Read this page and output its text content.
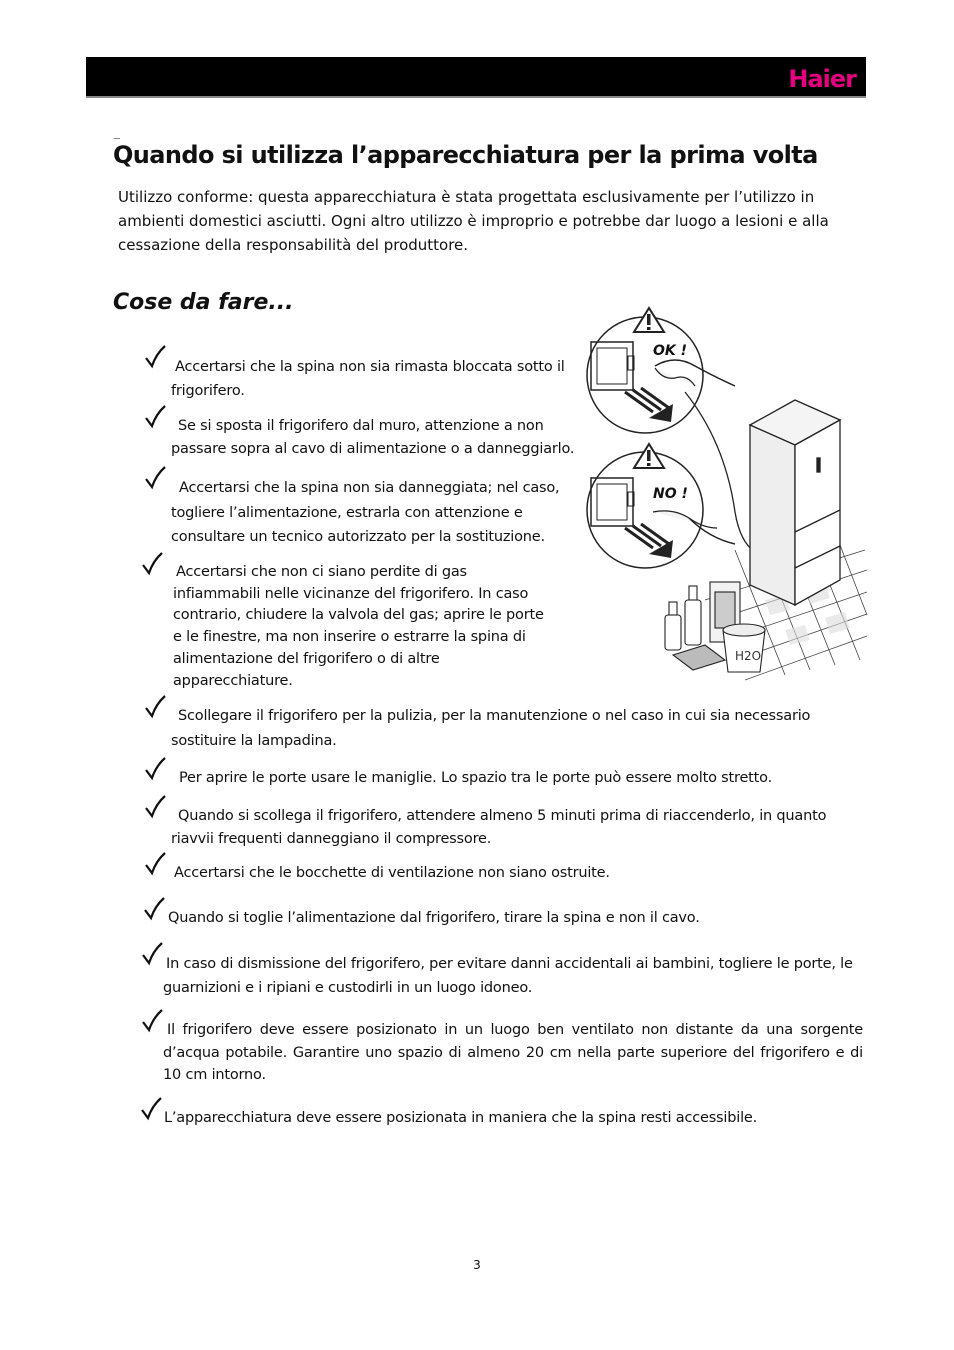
Haier
Quando si utilizza l’apparecchiatura per la prima volta

Utilizzo conforme: questa apparecchiatura è stata progettata esclusivamente per l’utilizzo in ambienti domestici asciutti. Ogni altro utilizzo è improprio e potrebbe dar luogo a lesioni e alla cessazione della responsabilità del produttore.

Cose da fare...
OK !
NO !
H2O

Accertarsi che la spina non sia rimasta bloccata sotto il frigorifero.

Se si sposta il frigorifero dal muro, attenzione a non passare sopra al cavo di alimentazione o a danneggiarlo.

Accertarsi che la spina non sia danneggiata; nel caso, togliere l’alimentazione, estrarla con attenzione e consultare un tecnico autorizzato per la sostituzione.

Accertarsi che non ci siano perdite di gas infiammabili nelle vicinanze del frigorifero. In caso contrario, chiudere la valvola del gas; aprire le porte e le finestre, ma non inserire o estrarre la spina di alimentazione del frigorifero o di altre apparecchiature.

Scollegare il frigorifero per la pulizia, per la manutenzione o nel caso in cui sia necessario sostituire la lampadina.

Per aprire le porte usare le maniglie. Lo spazio tra le porte può essere molto stretto.

Quando si scollega il frigorifero, attendere almeno 5 minuti prima di riaccenderlo, in quanto riavvii frequenti danneggiano il compressore.

Accertarsi che le bocchette di ventilazione non siano ostruite.

Quando si toglie l’alimentazione dal frigorifero, tirare la spina e non il cavo.

In caso di dismissione del frigorifero, per evitare danni accidentali ai bambini, togliere le porte, le guarnizioni e i ripiani e custodirli in un luogo idoneo.

Il frigorifero deve essere posizionato in un luogo ben ventilato non distante da una sorgente d’acqua potabile. Garantire uno spazio di almeno 20 cm nella parte superiore del frigorifero e di 10 cm intorno.

L’apparecchiatura deve essere posizionata in maniera che la spina resti accessibile.

3
